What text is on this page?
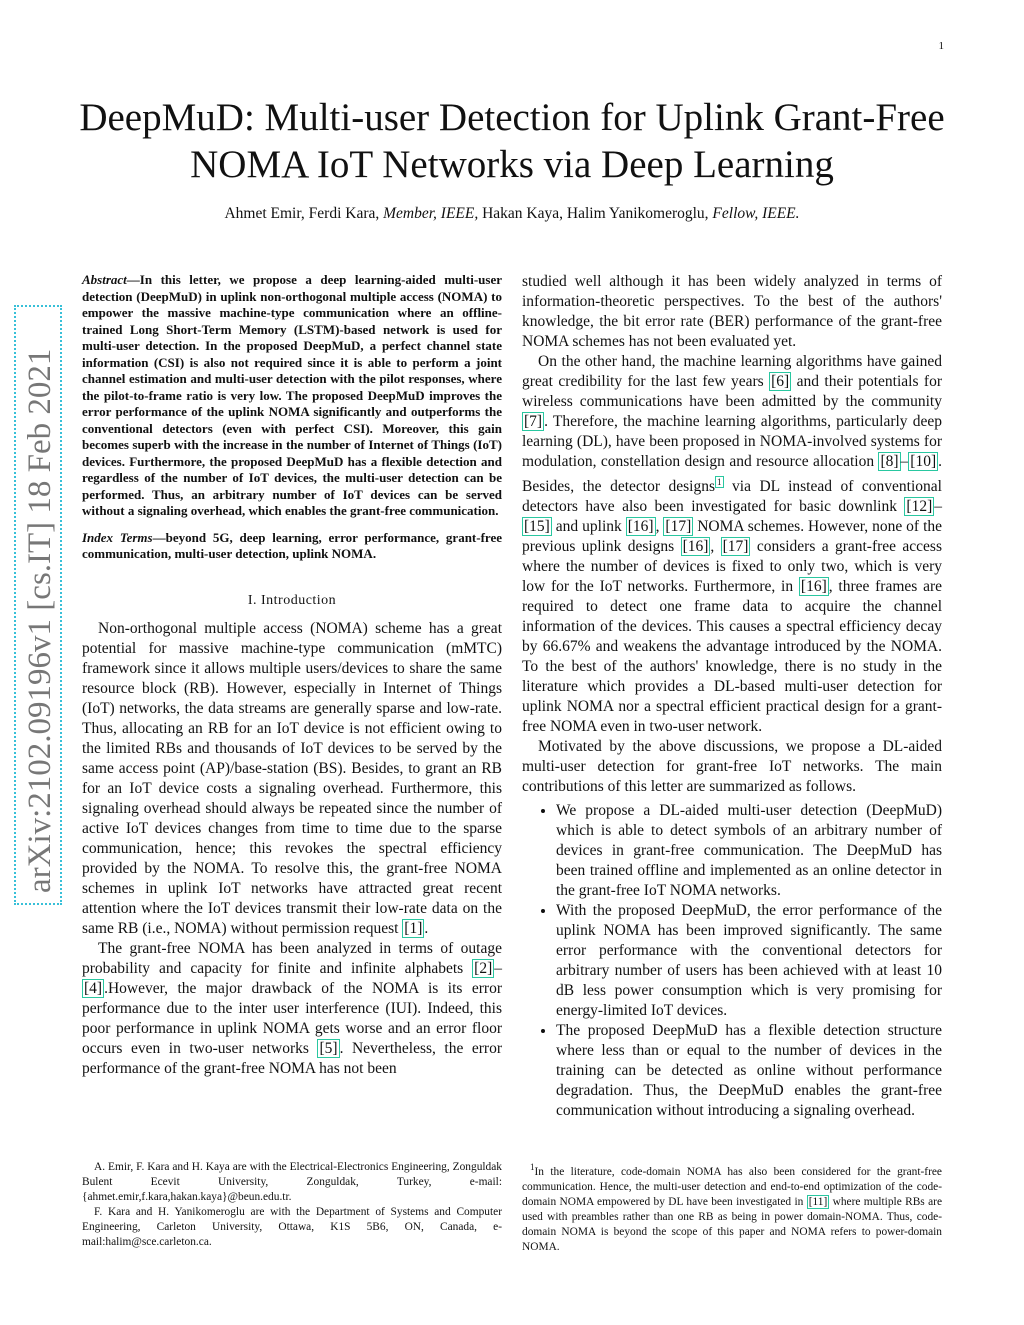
1
DeepMuD: Multi-user Detection for Uplink Grant-Free
NOMA IoT Networks via Deep Learning
Ahmet Emir, Ferdi Kara, Member, IEEE, Hakan Kaya, Halim Yanikomeroglu, Fellow, IEEE.
arXiv:2102.09196v1 [cs.IT] 18 Feb 2021

Abstract—In this letter, we propose a deep learning-aided multi-user detection (DeepMuD) in uplink non-orthogonal multiple access (NOMA) to empower the massive machine-type communication where an offline-trained Long Short-Term Memory (LSTM)-based network is used for multi-user detection. In the proposed DeepMuD, a perfect channel state information (CSI) is also not required since it is able to perform a joint channel estimation and multi-user detection with the pilot responses, where the pilot-to-frame ratio is very low. The proposed DeepMuD improves the error performance of the uplink NOMA significantly and outperforms the conventional detectors (even with perfect CSI). Moreover, this gain becomes superb with the increase in the number of Internet of Things (IoT) devices. Furthermore, the proposed DeepMuD has a flexible detection and regardless of the number of IoT devices, the multi-user detection can be performed. Thus, an arbitrary number of IoT devices can be served without a signaling overhead, which enables the grant-free communication.

Index Terms—beyond 5G, deep learning, error performance, grant-free communication, multi-user detection, uplink NOMA.

I. Introduction

Non-orthogonal multiple access (NOMA) scheme has a great potential for massive machine-type communication (mMTC) framework since it allows multiple users/devices to share the same resource block (RB). However, especially in Internet of Things (IoT) networks, the data streams are generally sparse and low-rate. Thus, allocating an RB for an IoT device is not efficient owing to the limited RBs and thousands of IoT devices to be served by the same access point (AP)/base-station (BS). Besides, to grant an RB for an IoT device costs a signaling overhead. Furthermore, this signaling overhead should always be repeated since the number of active IoT devices changes from time to time due to the sparse communication, hence; this revokes the spectral efficiency provided by the NOMA. To resolve this, the grant-free NOMA schemes in uplink IoT networks have attracted great recent attention where the IoT devices transmit their low-rate data on the same RB (i.e., NOMA) without permission request [1] .

The grant-free NOMA has been analyzed in terms of outage probability and capacity for finite and infinite alphabets [2] –[4] .However, the major drawback of the NOMA is its error performance due to the inter user interference (IUI). Indeed, this poor performance in uplink NOMA gets worse and an error floor occurs even in two-user networks [5] . Nevertheless, the error performance of the grant-free NOMA has not been

studied well although it has been widely analyzed in terms of information-theoretic perspectives. To the best of the authors' knowledge, the bit error rate (BER) performance of the grant-free NOMA schemes has not been evaluated yet.

On the other hand, the machine learning algorithms have gained great credibility for the last few years [6] and their potentials for wireless communications have been admitted by the community [7] . Therefore, the machine learning algorithms, particularly deep learning (DL), have been proposed in NOMA-involved systems for modulation, constellation design and resource allocation [8] – [10] . Besides, the detector designs $^1$ via DL instead of conventional detectors have also been investigated for basic downlink [12] –[15] and uplink [16] , [17] NOMA schemes. However, none of the previous uplink designs [16] , [17] considers a grant-free access where the number of devices is fixed to only two, which is very low for the IoT networks. Furthermore, in [16] , three frames are required to detect one frame data to acquire the channel information of the devices. This causes a spectral efficiency decay by 66.67% and weakens the advantage introduced by the NOMA. To the best of the authors' knowledge, there is no study in the literature which provides a DL-based multi-user detection for uplink NOMA nor a spectral efficient practical design for a grant-free NOMA even in two-user network.

Motivated by the above discussions, we propose a DL-aided multi-user detection for grant-free IoT networks. The main contributions of this letter are summarized as follows.

• We propose a DL-aided multi-user detection (DeepMuD) which is able to detect symbols of an arbitrary number of devices in grant-free communication. The DeepMuD has been trained offline and implemented as an online detector in the grant-free IoT NOMA networks.
• With the proposed DeepMuD, the error performance of the uplink NOMA has been improved significantly. The same error performance with the conventional detectors for arbitrary number of users has been achieved with at least 10 dB less power consumption which is very promising for energy-limited IoT devices.
• The proposed DeepMuD has a flexible detection structure where less than or equal to the number of devices in the training can be detected as online without performance degradation. Thus, the DeepMuD enables the grant-free communication without introducing a signaling overhead.

A. Emir, F. Kara and H. Kaya are with the Electrical-Electronics Engineering, Zonguldak Bulent Ecevit University, Zonguldak, Turkey, e-mail: {ahmet.emir,f.kara,hakan.kaya}@beun.edu.tr.

F. Kara and H. Yanikomeroglu are with the Department of Systems and Computer Engineering, Carleton University, Ottawa, K1S 5B6, ON, Canada, e-mail:halim@sce.carleton.ca.

$^1$In the literature, code-domain NOMA has also been considered for the grant-free communication. Hence, the multi-user detection and end-to-end optimization of the code-domain NOMA empowered by DL have been investigated in [11] where multiple RBs are used with preambles rather than one RB as being in power domain-NOMA. Thus, code-domain NOMA is beyond the scope of this paper and NOMA refers to power-domain NOMA.
